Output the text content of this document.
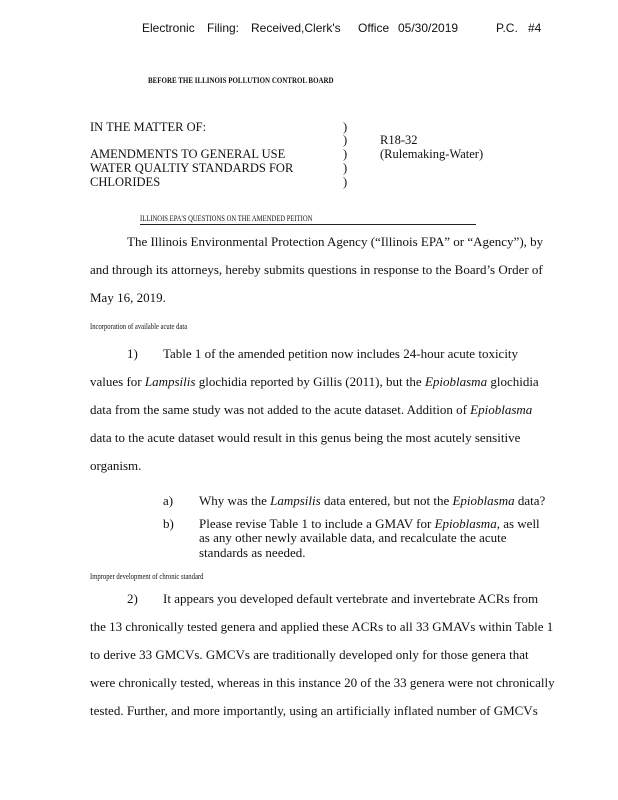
Electronic Filing: Received,Clerk's Office 05/30/2019	P.C. #4
BEFORE THE ILLINOIS POLLUTION CONTROL BOARD
IN THE MATTER OF:
AMENDMENTS TO GENERAL USE
WATER QUALTIY STANDARDS FOR
CHLORIDES
)
)
)
)
)
R18-32
(Rulemaking-Water)
ILLINOIS EPA'S QUESTIONS ON THE AMENDED PEITION
The Illinois Environmental Protection Agency (“Illinois EPA” or “Agency”), by
and through its attorneys, hereby submits questions in response to the Board’s Order of
May 16, 2019.
Incorporation of available acute data
1) Table 1 of the amended petition now includes 24-hour acute toxicity
values for Lampsilis glochidia reported by Gillis (2011), but the Epioblasma glochidia
data from the same study was not added to the acute dataset. Addition of Epioblasma
data to the acute dataset would result in this genus being the most acutely sensitive
organism.
a) Why was the Lampsilis data entered, but not the Epioblasma data?
b) Please revise Table 1 to include a GMAV for Epioblasma, as well
as any other newly available data, and recalculate the acute
standards as needed.
Improper development of chronic standard
2) It appears you developed default vertebrate and invertebrate ACRs from
the 13 chronically tested genera and applied these ACRs to all 33 GMAVs within Table 1
to derive 33 GMCVs. GMCVs are traditionally developed only for those genera that
were chronically tested, whereas in this instance 20 of the 33 genera were not chronically
tested. Further, and more importantly, using an artificially inflated number of GMCVs
